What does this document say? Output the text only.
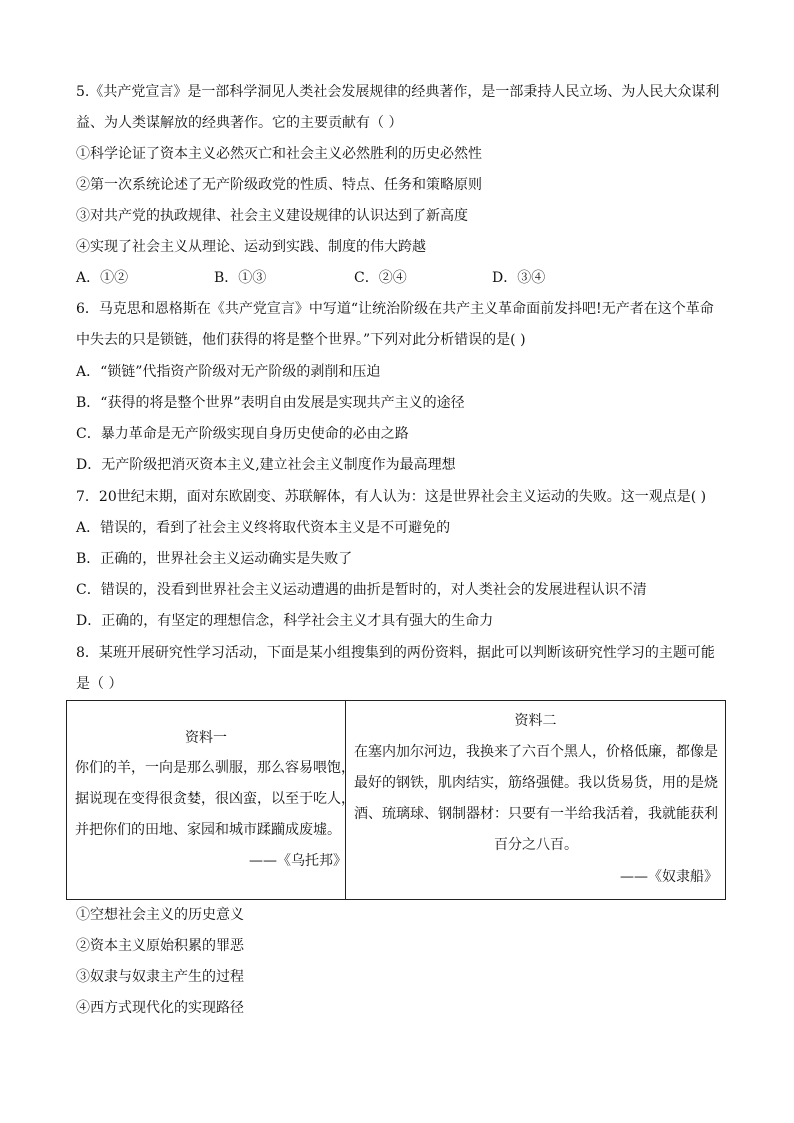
5.《共产党宣言》是一部科学洞见人类社会发展规律的经典著作，是一部秉持人民立场、为人民大众谋利
益、为人类谋解放的经典著作。它的主要贡献有（ ）
①科学论证了资本主义必然灭亡和社会主义必然胜利的历史必然性
②第一次系统论述了无产阶级政党的性质、特点、任务和策略原则
③对共产党的执政规律、社会主义建设规律的认识达到了新高度
④实现了社会主义从理论、运动到实践、制度的伟大跨越
A．①②	B．①③	C．②④	D．③④
6．马克思和恩格斯在《共产党宣言》中写道“让统治阶级在共产主义革命面前发抖吧!无产者在这个革命
中失去的只是锁链，他们获得的将是整个世界。”下列对此分析错误的是( )
A．“锁链”代指资产阶级对无产阶级的剥削和压迫
B．“获得的将是整个世界”表明自由发展是实现共产主义的途径
C．暴力革命是无产阶级实现自身历史使命的必由之路
D．无产阶级把消灭资本主义,建立社会主义制度作为最高理想
7．20世纪末期，面对东欧剧变、苏联解体，有人认为：这是世界社会主义运动的失败。这一观点是( )
A．错误的，看到了社会主义终将取代资本主义是不可避免的
B．正确的，世界社会主义运动确实是失败了
C．错误的，没看到世界社会主义运动遭遇的曲折是暂时的，对人类社会的发展进程认识不清
D．正确的，有坚定的理想信念，科学社会主义才具有强大的生命力
8．某班开展研究性学习活动，下面是某小组搜集到的两份资料，据此可以判断该研究性学习的主题可能
是（ ）
资料一
你们的羊，一向是那么驯服，那么容易喂饱，
据说现在变得很贪婪，很凶蛮，以至于吃人，
并把你们的田地、家园和城市蹂躏成废墟。
——《乌托邦》

资料二
在塞内加尔河边，我换来了六百个黑人，价格低廉，都像是
最好的钢铁，肌肉结实，筋络强健。我以货易货，用的是烧
酒、琉璃球、钢制器材：只要有一半给我活着，我就能获利
百分之八百。
——《奴隶船》
①空想社会主义的历史意义
②资本主义原始积累的罪恶
③奴隶与奴隶主产生的过程
④西方式现代化的实现路径
